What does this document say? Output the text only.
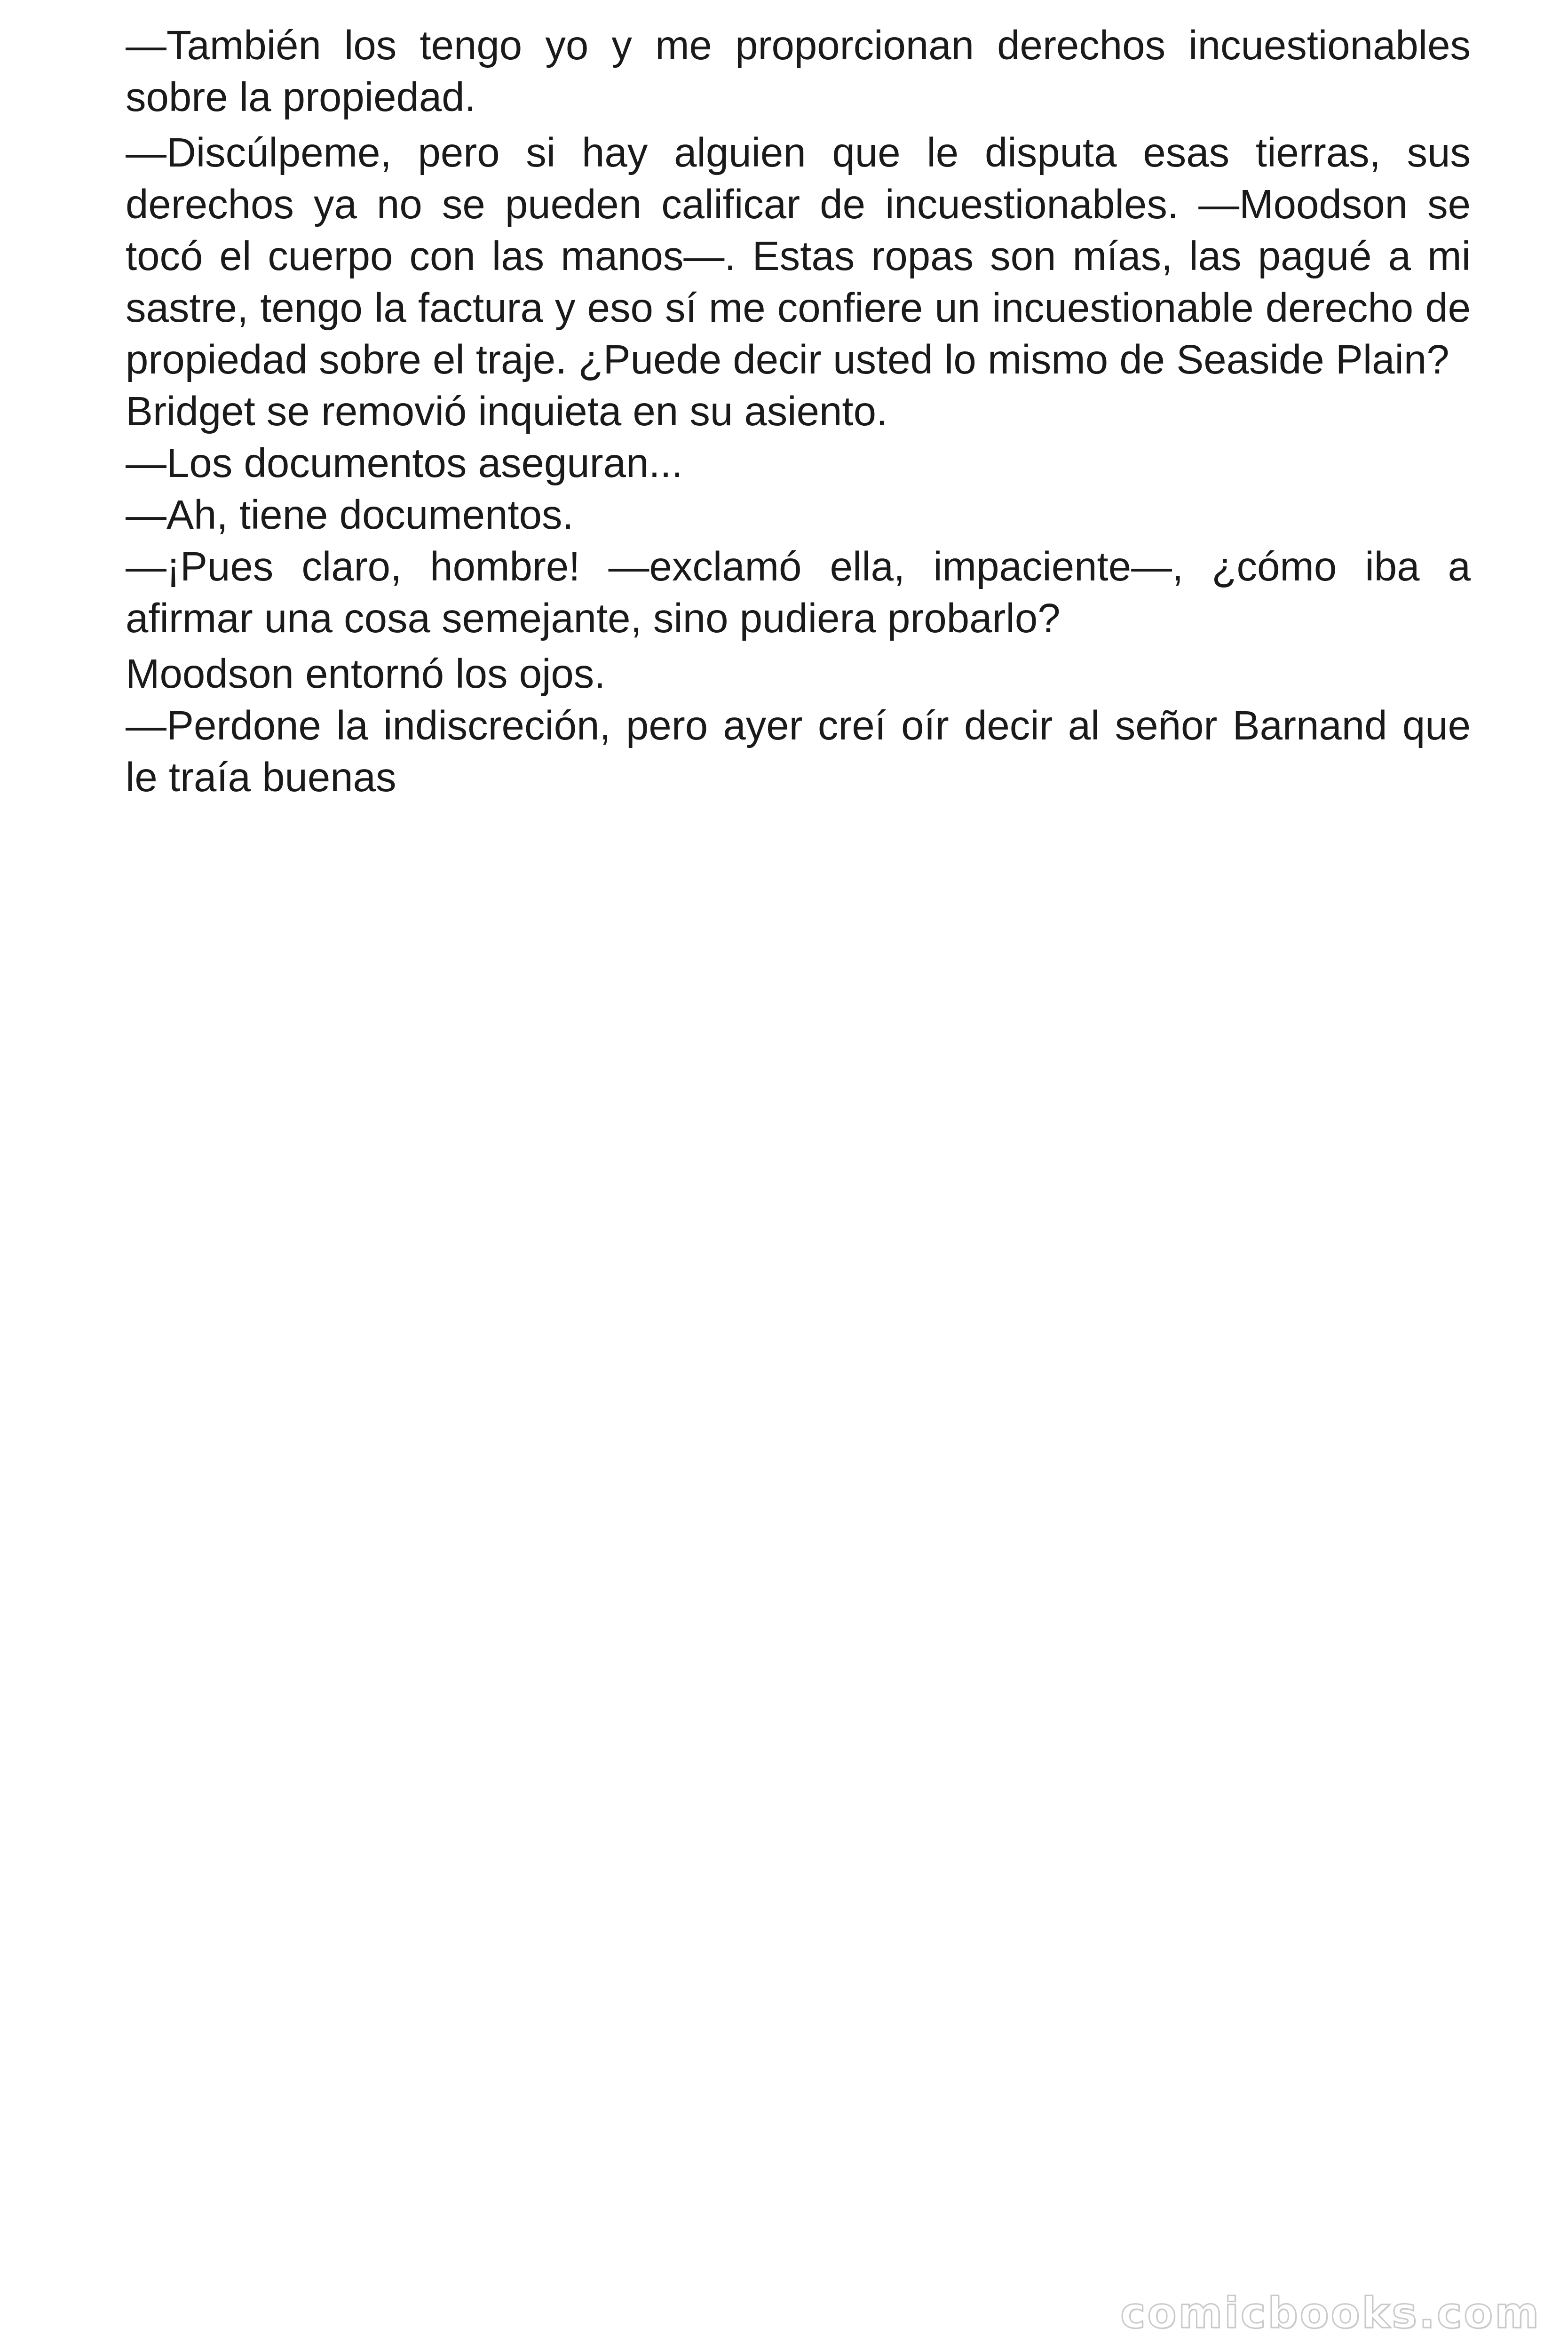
—También los tengo yo y me proporcionan derechos incuestionables sobre la propiedad.

—Discúlpeme, pero si hay alguien que le disputa esas tierras, sus derechos ya no se pueden calificar de incuestionables. —Moodson se tocó el cuerpo con las manos—. Estas ropas son mías, las pagué a mi sastre, tengo la factura y eso sí me confiere un incuestionable derecho de propiedad sobre el traje. ¿Puede decir usted lo mismo de Seaside Plain?

Bridget se removió inquieta en su asiento.

—Los documentos aseguran...

—Ah, tiene documentos.

—¡Pues claro, hombre! —exclamó ella, impaciente—, ¿cómo iba a afirmar una cosa semejante, sino pudiera probarlo?

Moodson entornó los ojos.

—Perdone la indiscreción, pero ayer creí oír decir al señor Barnand que le traía buenas

comicbooks.com
